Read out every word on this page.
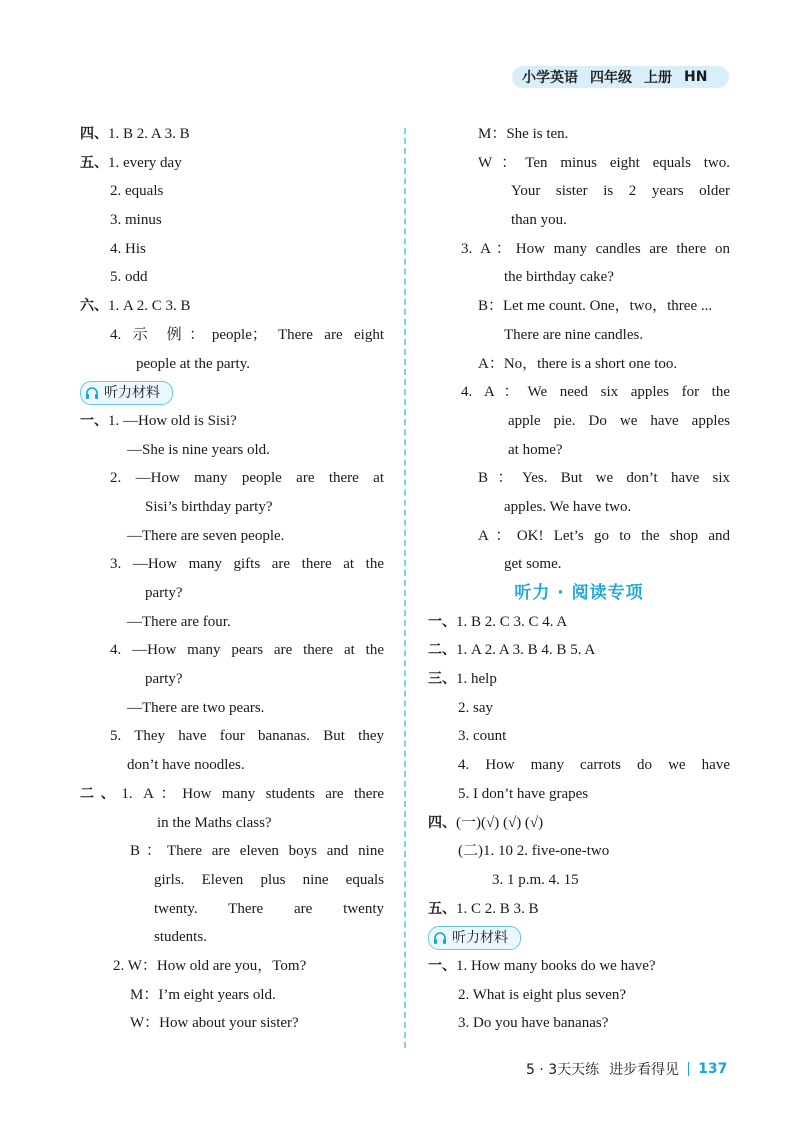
小学英语 四年级 上册 HN
四、1. B 2. A 3. B
五、1. every day
2. equals
3. minus
4. His
5. odd
六、1. A 2. C 3. B
4. 示 例：people； There are eight
people at the party.
听力材料
一、1. —How old is Sisi?
—She is nine years old.
2. —How many people are there at
Sisi’s birthday party?
—There are seven people.
3. —How many gifts are there at the
party?
—There are four.
4. —How many pears are there at the
party?
—There are two pears.
5. They have four bananas. But they
don’t have noodles.
二、1. A：How many students are there
in the Maths class?
B：There are eleven boys and nine
girls. Eleven plus nine equals
twenty. There are twenty
students.
2. W：How old are you，Tom?
M：I’m eight years old.
W：How about your sister?
M：She is ten.
W：Ten minus eight equals two.
Your sister is 2 years older
than you.
3. A：How many candles are there on
the birthday cake?
B：Let me count. One，two，three ...
There are nine candles.
A：No，there is a short one too.
4. A：We need six apples for the
apple pie. Do we have apples
at home?
B：Yes. But we don’t have six
apples. We have two.
A：OK! Let’s go to the shop and
get some.
听力 · 阅读专项
一、1. B 2. C 3. C 4. A
二、1. A 2. A 3. B 4. B 5. A
三、1. help
2. say
3. count
4. How many carrots do we have
5. I don’t have grapes
四、(一)(√) (√) (√)
(二)1. 10 2. five-one-two
3. 1 p.m. 4. 15
五、1. C 2. B 3. B
听力材料
一、1. How many books do we have?
2. What is eight plus seven?
3. Do you have bananas?
5 · 3天天练 进步看得见 137
